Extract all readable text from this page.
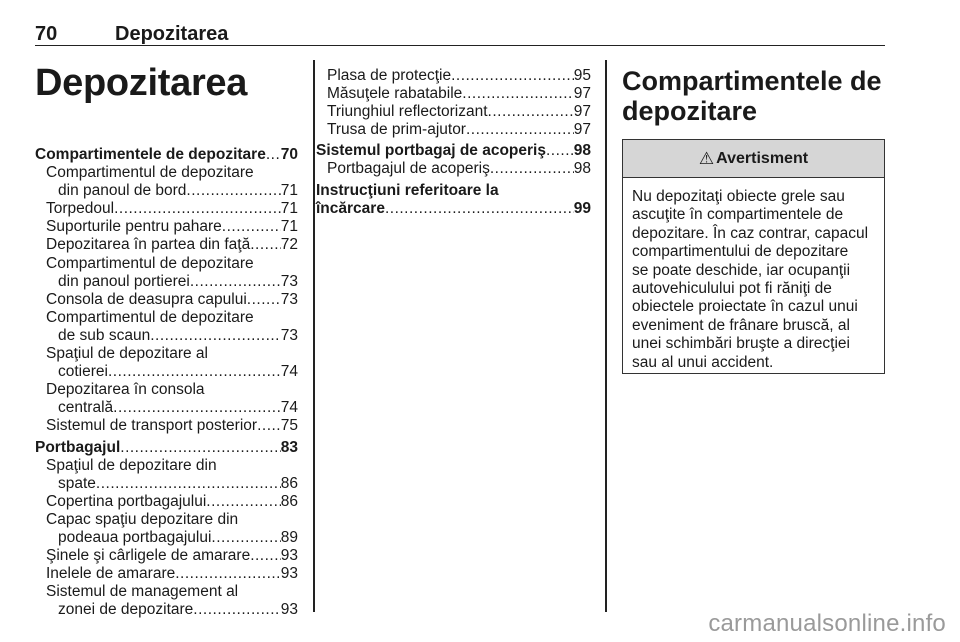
70	Depozitarea
Depozitarea
Compartimentele de depozitare ..... 70
Compartimentul de depozitare
din panoul de bord .....	71
Torpedoul .....	71
Suporturile pentru pahare .....	71
Depozitarea în partea din faţă ..... 72
Compartimentul de depozitare
din panoul portierei .....	73
Consola de deasupra capului ..... 73
Compartimentul de depozitare
de sub scaun .....	73
Spaţiul de depozitare al
cotierei .....	74
Depozitarea în consola
centrală .....	74
Sistemul de transport posterior ..... 75
Portbagajul .....	83
Spaţiul de depozitare din
spate .....	86
Copertina portbagajului .....	86
Capac spaţiu depozitare din
podeaua portbagajului .....	89
Şinele şi cârligele de amarare ..... 93
Inelele de amarare .....	93
Sistemul de management al
zonei de depozitare .....	93
Plasa de protecţie .....	95
Măsuţele rabatabile .....	97
Triunghiul reflectorizant .....	97
Trusa de prim-ajutor .....	97
Sistemul portbagaj de acoperiş ..... 98
Portbagajul de acoperiş .....	98
Instrucţiuni referitoare la
încărcare .....	99
Compartimentele de
depozitare
⚠ Avertisment
Nu depozitaţi obiecte grele sau
ascuţite în compartimentele de
depozitare. În caz contrar, capacul
compartimentului de depozitare
se poate deschide, iar ocupanţii
autovehiculului pot fi răniţi de
obiectele proiectate în cazul unui
eveniment de frânare bruscă, al
unei schimbări bruşte a direcţiei
sau al unui accident.
carmanualsonline.info
